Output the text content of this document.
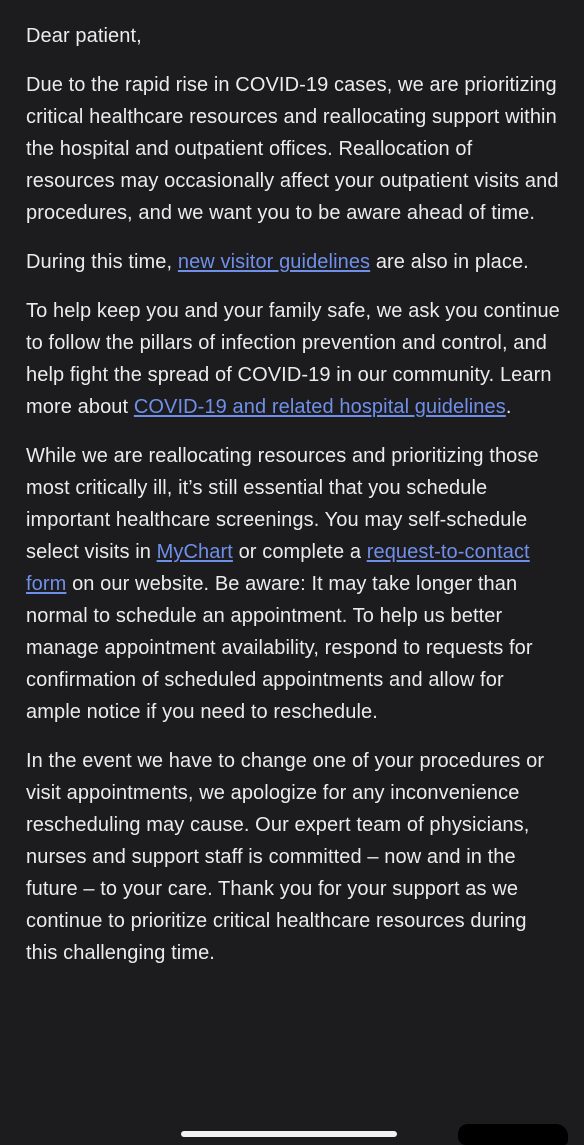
Dear patient,

Due to the rapid rise in COVID-19 cases, we are prioritizing critical healthcare resources and reallocating support within the hospital and outpatient offices. Reallocation of resources may occasionally affect your outpatient visits and procedures, and we want you to be aware ahead of time.

During this time, new visitor guidelines are also in place.

To help keep you and your family safe, we ask you continue to follow the pillars of infection prevention and control, and help fight the spread of COVID-19 in our community. Learn more about COVID-19 and related hospital guidelines.

While we are reallocating resources and prioritizing those most critically ill, it’s still essential that you schedule important healthcare screenings. You may self-schedule select visits in MyChart or complete a request-to-contact form on our website. Be aware: It may take longer than normal to schedule an appointment. To help us better manage appointment availability, respond to requests for confirmation of scheduled appointments and allow for ample notice if you need to reschedule.

In the event we have to change one of your procedures or visit appointments, we apologize for any inconvenience rescheduling may cause. Our expert team of physicians, nurses and support staff is committed – now and in the future – to your care. Thank you for your support as we continue to prioritize critical healthcare resources during this challenging time.
